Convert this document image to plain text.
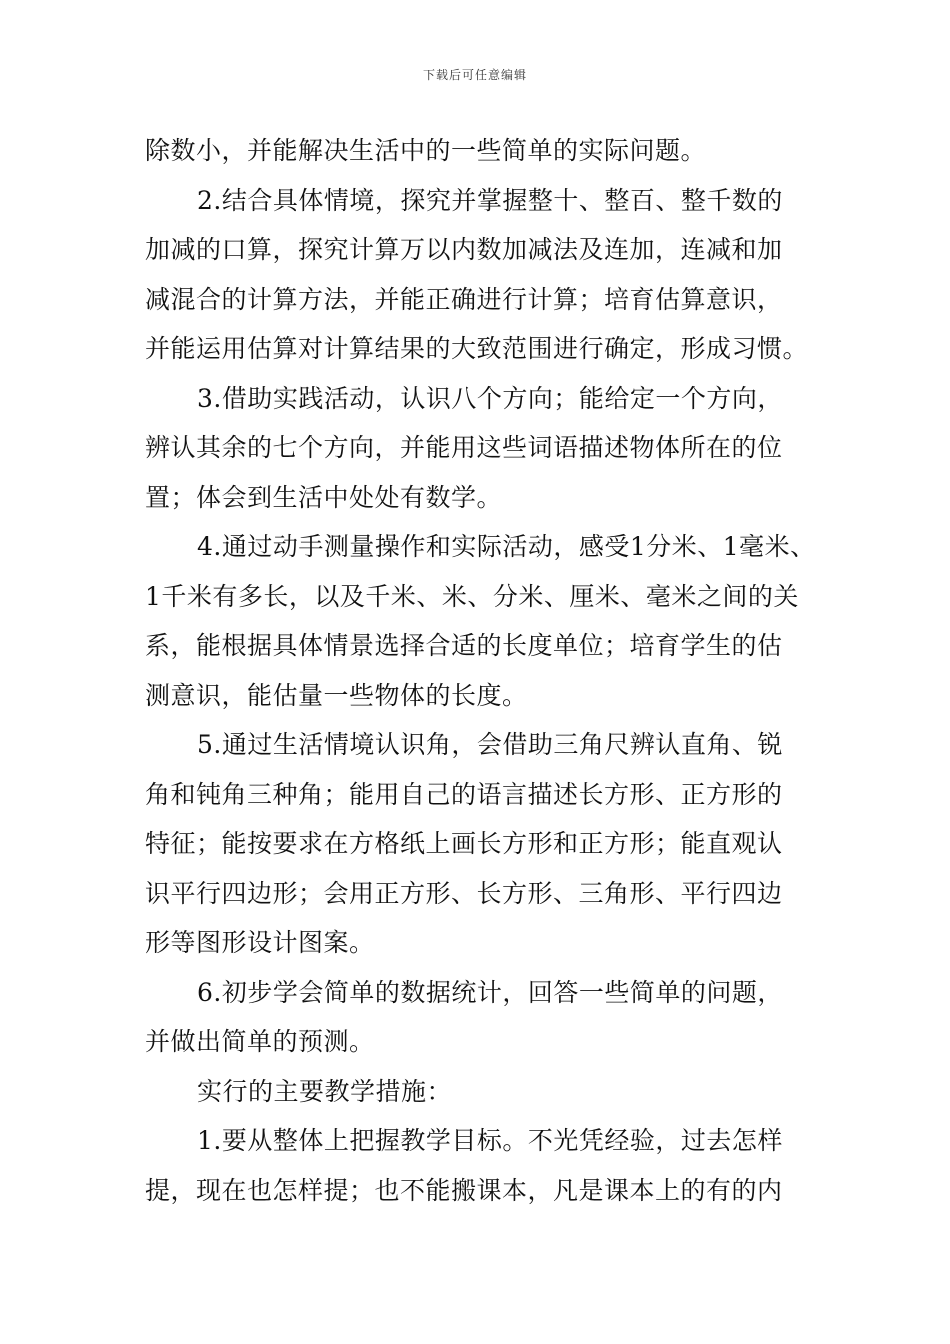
下载后可任意编辑
除数小，并能解决生活中的一些简单的实际问题。
2.结合具体情境，探究并掌握整十、整百、整千数的
加减的口算，探究计算万以内数加减法及连加，连减和加
减混合的计算方法，并能正确进行计算；培育估算意识，
并能运用估算对计算结果的大致范围进行确定，形成习惯。
3.借助实践活动，认识八个方向；能给定一个方向，
辨认其余的七个方向，并能用这些词语描述物体所在的位
置；体会到生活中处处有数学。
4.通过动手测量操作和实际活动，感受1分米、1毫米、
1千米有多长，以及千米、米、分米、厘米、毫米之间的关
系，能根据具体情景选择合适的长度单位；培育学生的估
测意识，能估量一些物体的长度。
5.通过生活情境认识角，会借助三角尺辨认直角、锐
角和钝角三种角；能用自己的语言描述长方形、正方形的
特征；能按要求在方格纸上画长方形和正方形；能直观认
识平行四边形；会用正方形、长方形、三角形、平行四边
形等图形设计图案。
6.初步学会简单的数据统计，回答一些简单的问题，
并做出简单的预测。
实行的主要教学措施：
1.要从整体上把握教学目标。不光凭经验，过去怎样
提，现在也怎样提；也不能搬课本，凡是课本上的有的内
